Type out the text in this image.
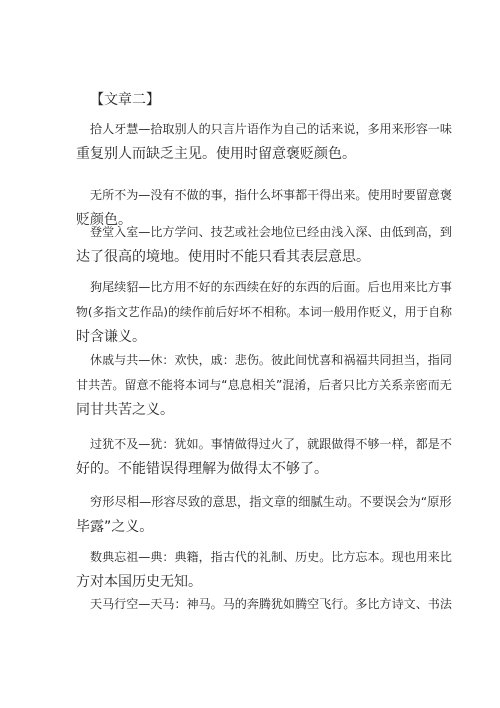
【文章二】

拾人牙慧—拾取别人的只言片语作为自己的话来说，多用来形容一味
重复别人而缺乏主见。使用时留意褒贬颜色。

无所不为—没有不做的事，指什么坏事都干得出来。使用时要留意褒
贬颜色。

登堂入室—比方学问、技艺或社会地位已经由浅入深、由低到高，到
达了很高的境地。使用时不能只看其表层意思。

狗尾续貂—比方用不好的东西续在好的东西的后面。后也用来比方事
物(多指文艺作品)的续作前后好坏不相称。本词一般用作贬义，用于自称
时含谦义。

休戚与共—休：欢快，戚：悲伤。彼此间忧喜和祸福共同担当，指同
甘共苦。留意不能将本词与“息息相关”混淆，后者只比方关系亲密而无
同甘共苦之义。

过犹不及—犹：犹如。事情做得过火了，就跟做得不够一样，都是不
好的。不能错误得理解为做得太不够了。

穷形尽相—形容尽致的意思，指文章的细腻生动。不要误会为“原形
毕露”之义。

数典忘祖—典：典籍，指古代的礼制、历史。比方忘本。现也用来比
方对本国历史无知。

天马行空—天马：神马。马的奔腾犹如腾空飞行。多比方诗文、书法
